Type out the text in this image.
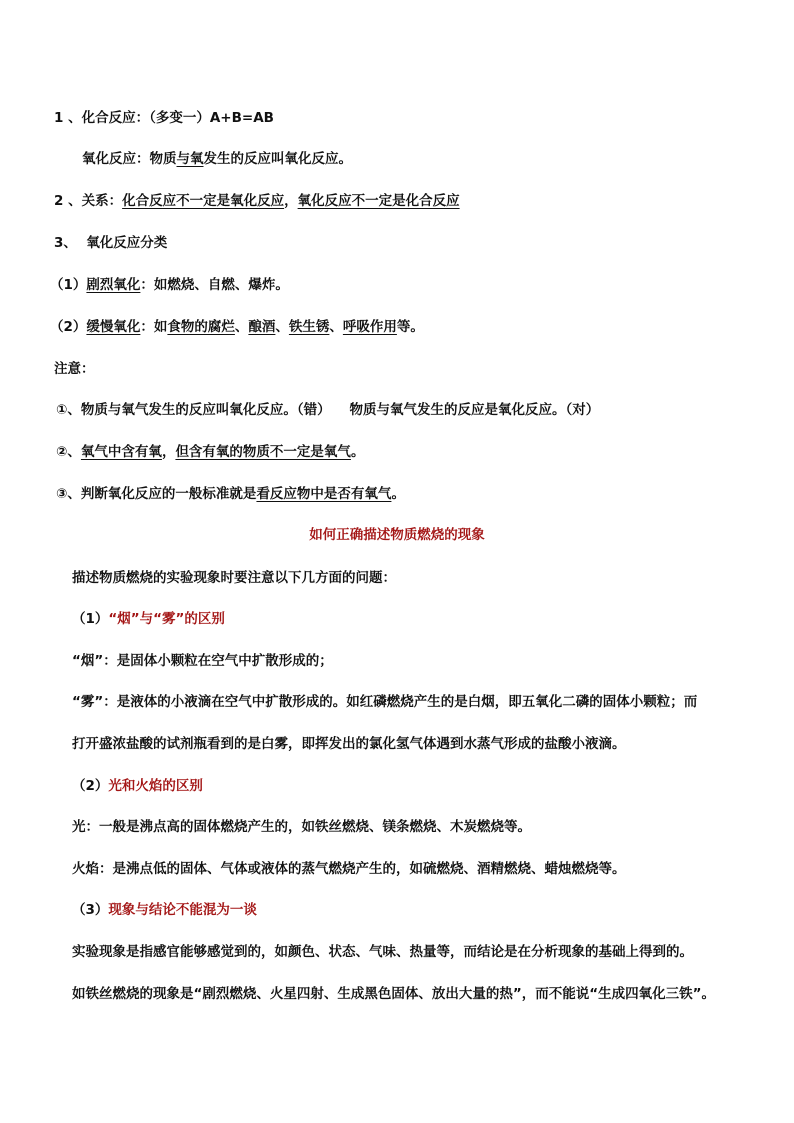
1 、化合反应：（多变一）A+B=AB
氧化反应：物质与氧发生的反应叫氧化反应。
2 、关系：化合反应不一定是氧化反应，氧化反应不一定是化合反应
3、 氧化反应分类
（1）剧烈氧化：如燃烧、自燃、爆炸。
（2）缓慢氧化：如食物的腐烂、酿酒、铁生锈、呼吸作用等。
注意：
①、物质与氧气发生的反应叫氧化反应。（错） 物质与氧气发生的反应是氧化反应。（对）
②、氧气中含有氧，但含有氧的物质不一定是氧气。
③、判断氧化反应的一般标准就是看反应物中是否有氧气。
如何正确描述物质燃烧的现象
描述物质燃烧的实验现象时要注意以下几方面的问题：
（1）“烟”与“雾”的区别
“烟”：是固体小颗粒在空气中扩散形成的；
“雾”：是液体的小液滴在空气中扩散形成的。如红磷燃烧产生的是白烟，即五氧化二磷的固体小颗粒；而
打开盛浓盐酸的试剂瓶看到的是白雾，即挥发出的氯化氢气体遇到水蒸气形成的盐酸小液滴。
（2）光和火焰的区别
光：一般是沸点高的固体燃烧产生的，如铁丝燃烧、镁条燃烧、木炭燃烧等。
火焰：是沸点低的固体、气体或液体的蒸气燃烧产生的，如硫燃烧、酒精燃烧、蜡烛燃烧等。
（3）现象与结论不能混为一谈
实验现象是指感官能够感觉到的，如颜色、状态、气味、热量等，而结论是在分析现象的基础上得到的。
如铁丝燃烧的现象是“剧烈燃烧、火星四射、生成黑色固体、放出大量的热”，而不能说“生成四氧化三铁”。
